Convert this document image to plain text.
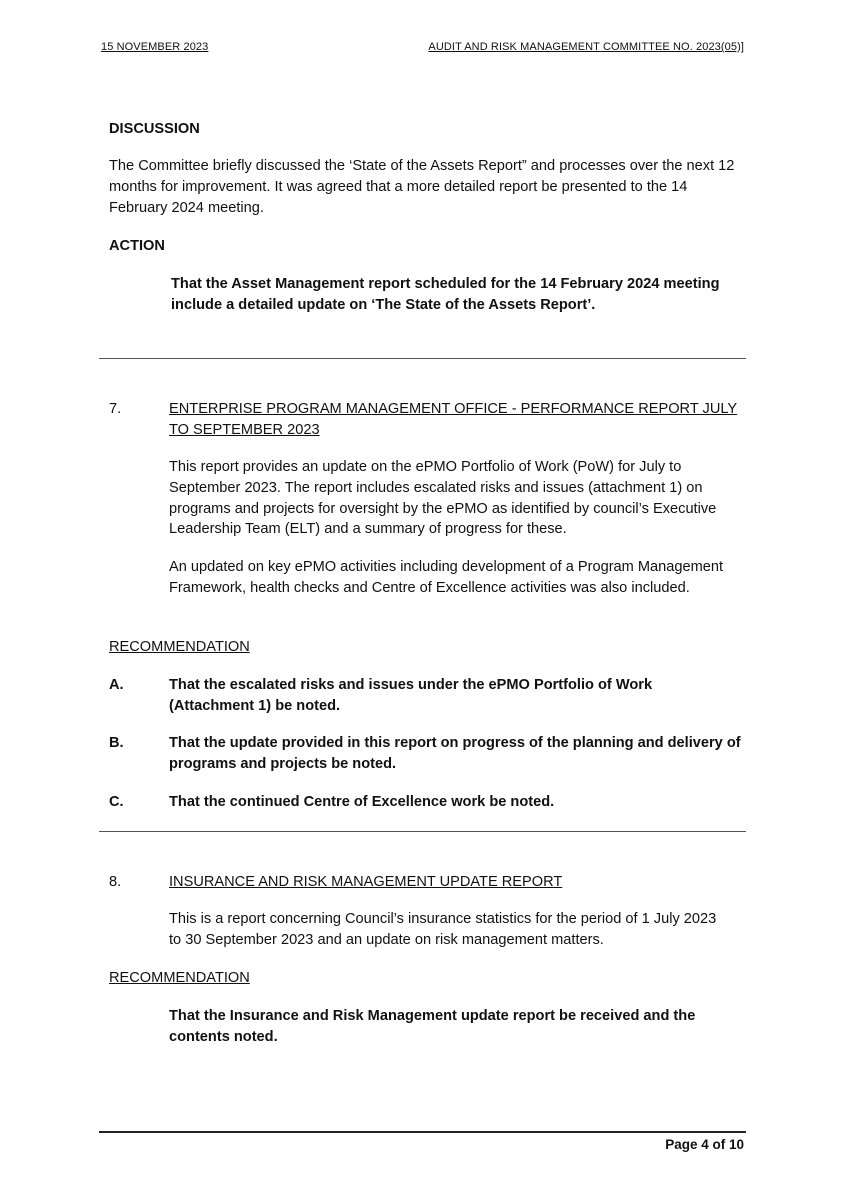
15 NOVEMBER 2023	AUDIT AND RISK MANAGEMENT COMMITTEE NO. 2023(05)]
DISCUSSION
The Committee briefly discussed the ‘State of the Assets Report” and processes over the next 12 months for improvement. It was agreed that a more detailed report be presented to the 14 February 2024 meeting.
ACTION
That the Asset Management report scheduled for the 14 February 2024 meeting include a detailed update on ‘The State of the Assets Report’.
7.	ENTERPRISE PROGRAM MANAGEMENT OFFICE - PERFORMANCE REPORT JULY TO SEPTEMBER 2023
This report provides an update on the ePMO Portfolio of Work (PoW) for July to September 2023. The report includes escalated risks and issues (attachment 1) on programs and projects for oversight by the ePMO as identified by council’s Executive Leadership Team (ELT) and a summary of progress for these.
An updated on key ePMO activities including development of a Program Management Framework, health checks and Centre of Excellence activities was also included.
RECOMMENDATION
A.	That the escalated risks and issues under the ePMO Portfolio of Work (Attachment 1) be noted.
B.	That the update provided in this report on progress of the planning and delivery of programs and projects be noted.
C.	That the continued Centre of Excellence work be noted.
8.	INSURANCE AND RISK MANAGEMENT UPDATE REPORT
This is a report concerning Council’s insurance statistics for the period of 1 July 2023 to 30 September 2023 and an update on risk management matters.
RECOMMENDATION
That the Insurance and Risk Management update report be received and the contents noted.
Page 4 of 10
